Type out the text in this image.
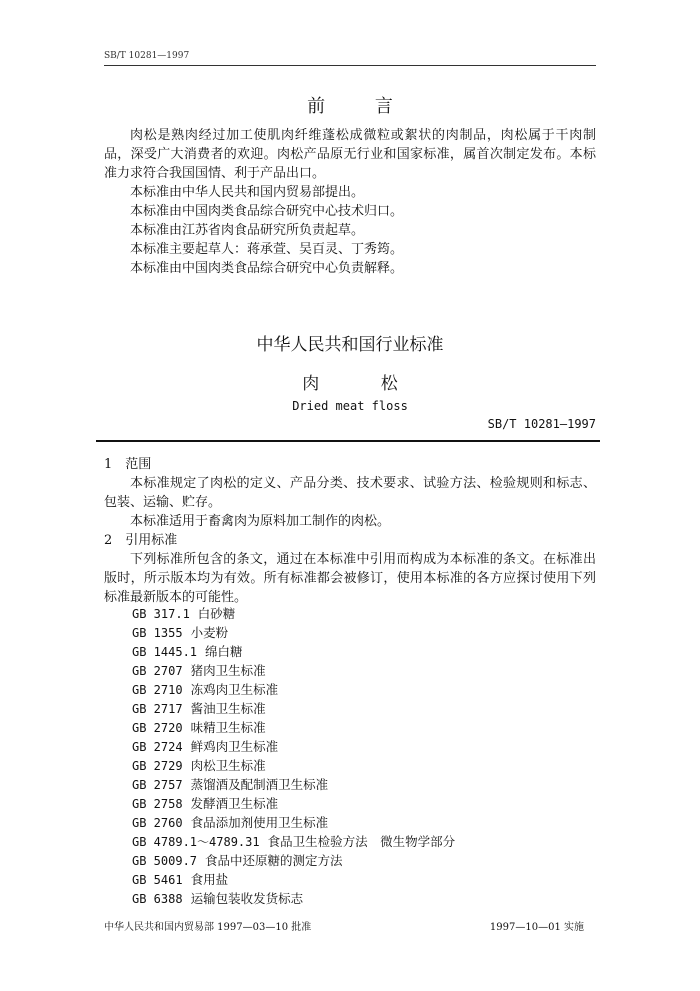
SB/T 10281—1997
前 言
肉松是熟肉经过加工使肌肉纤维蓬松成微粒或絮状的肉制品，肉松属于干肉制品，深受广大消费者的欢迎。肉松产品原无行业和国家标准，属首次制定发布。本标准力求符合我国国情、利于产品出口。
本标准由中华人民共和国内贸易部提出。
本标准由中国肉类食品综合研究中心技术归口。
本标准由江苏省肉食品研究所负责起草。
本标准主要起草人：蒋承萱、吴百灵、丁秀筠。
本标准由中国肉类食品综合研究中心负责解释。
中华人民共和国行业标准
肉 松
Dried meat floss
SB/T 10281—1997
1　范围
本标准规定了肉松的定义、产品分类、技术要求、试验方法、检验规则和标志、包装、运输、贮存。
本标准适用于畜禽肉为原料加工制作的肉松。
2　引用标准
下列标准所包含的条文，通过在本标准中引用而构成为本标准的条文。在标准出版时，所示版本均为有效。所有标准都会被修订，使用本标准的各方应探讨使用下列标准最新版本的可能性。
GB 317.1 白砂糖
GB 1355 小麦粉
GB 1445.1 绵白糖
GB 2707 猪肉卫生标准
GB 2710 冻鸡肉卫生标准
GB 2717 酱油卫生标准
GB 2720 味精卫生标准
GB 2724 鲜鸡肉卫生标准
GB 2729 肉松卫生标准
GB 2757 蒸馏酒及配制酒卫生标准
GB 2758 发酵酒卫生标准
GB 2760 食品添加剂使用卫生标准
GB 4789.1～4789.31 食品卫生检验方法　微生物学部分
GB 5009.7 食品中还原糖的测定方法
GB 5461 食用盐
GB 6388 运输包装收发货标志
中华人民共和国内贸易部 1997—03—10 批准	1997—10—01 实施
